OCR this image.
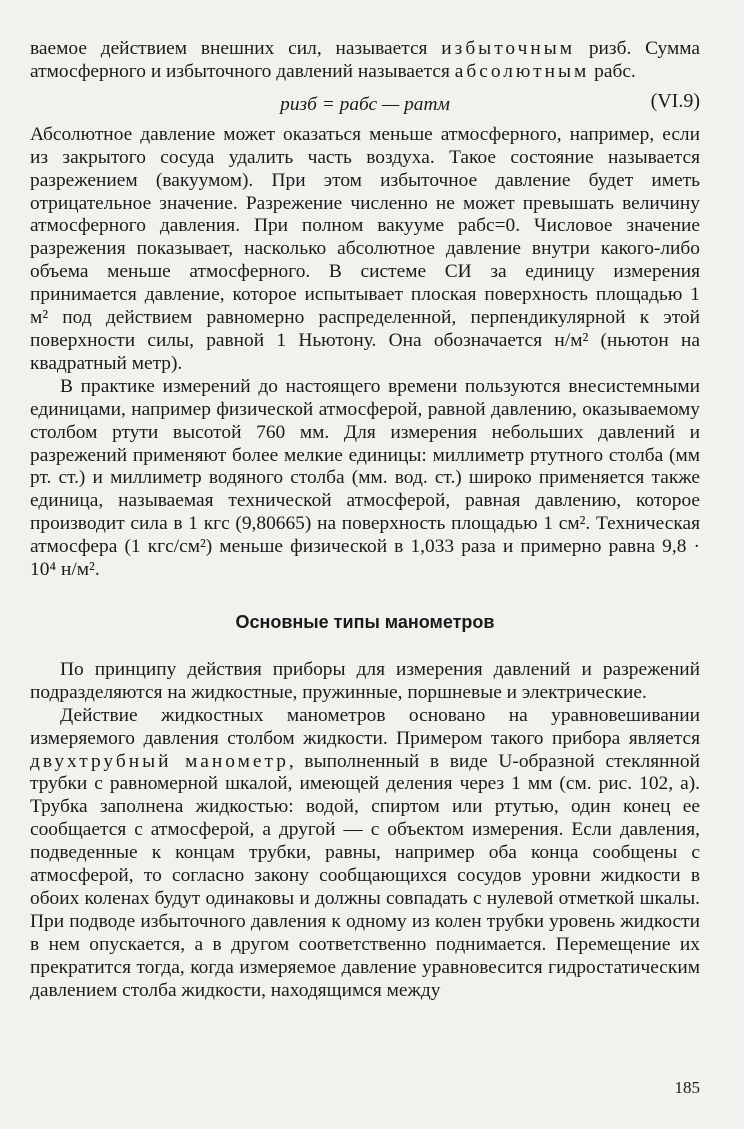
ваемое действием внешних сил, называется избыточным pизб. Сумма атмосферного и избыточного давлений называется абсолютным pабс.

pизб = pабс — pатм	(VI.9)

Абсолютное давление может оказаться меньше атмосферного, например, если из закрытого сосуда удалить часть воздуха. Такое состояние называется разрежением (вакуумом). При этом избыточное давление будет иметь отрицательное значение. Разрежение численно не может превышать величину атмосферного давления. При полном вакууме pабс=0. Числовое значение разрежения показывает, насколько абсолютное давление внутри какого-либо объема меньше атмосферного. В системе СИ за единицу измерения принимается давление, которое испытывает плоская поверхность площадью 1 м² под действием равномерно распределенной, перпендикулярной к этой поверхности силы, равной 1 Ньютону. Она обозначается н/м² (ньютон на квадратный метр).

В практике измерений до настоящего времени пользуются внесистемными единицами, например физической атмосферой, равной давлению, оказываемому столбом ртути высотой 760 мм. Для измерения небольших давлений и разрежений применяют более мелкие единицы: миллиметр ртутного столба (мм рт. ст.) и миллиметр водяного столба (мм. вод. ст.) широко применяется также единица, называемая технической атмосферой, равная давлению, которое производит сила в 1 кгс (9,80665) на поверхность площадью 1 см². Техническая атмосфера (1 кгс/см²) меньше физической в 1,033 раза и примерно равна 9,8 · 10⁴ н/м².

Основные типы манометров

По принципу действия приборы для измерения давлений и разрежений подразделяются на жидкостные, пружинные, поршневые и электрические.

Действие жидкостных манометров основано на уравновешивании измеряемого давления столбом жидкости. Примером такого прибора является двухтрубный манометр, выполненный в виде U-образной стеклянной трубки с равномерной шкалой, имеющей деления через 1 мм (см. рис. 102, а). Трубка заполнена жидкостью: водой, спиртом или ртутью, один конец ее сообщается с атмосферой, а другой — с объектом измерения. Если давления, подведенные к концам трубки, равны, например оба конца сообщены с атмосферой, то согласно закону сообщающихся сосудов уровни жидкости в обоих коленах будут одинаковы и должны совпадать с нулевой отметкой шкалы. При подводе избыточного давления к одному из колен трубки уровень жидкости в нем опускается, а в другом соответственно поднимается. Перемещение их прекратится тогда, когда измеряемое давление уравновесится гидростатическим давлением столба жидкости, находящимся между

185
